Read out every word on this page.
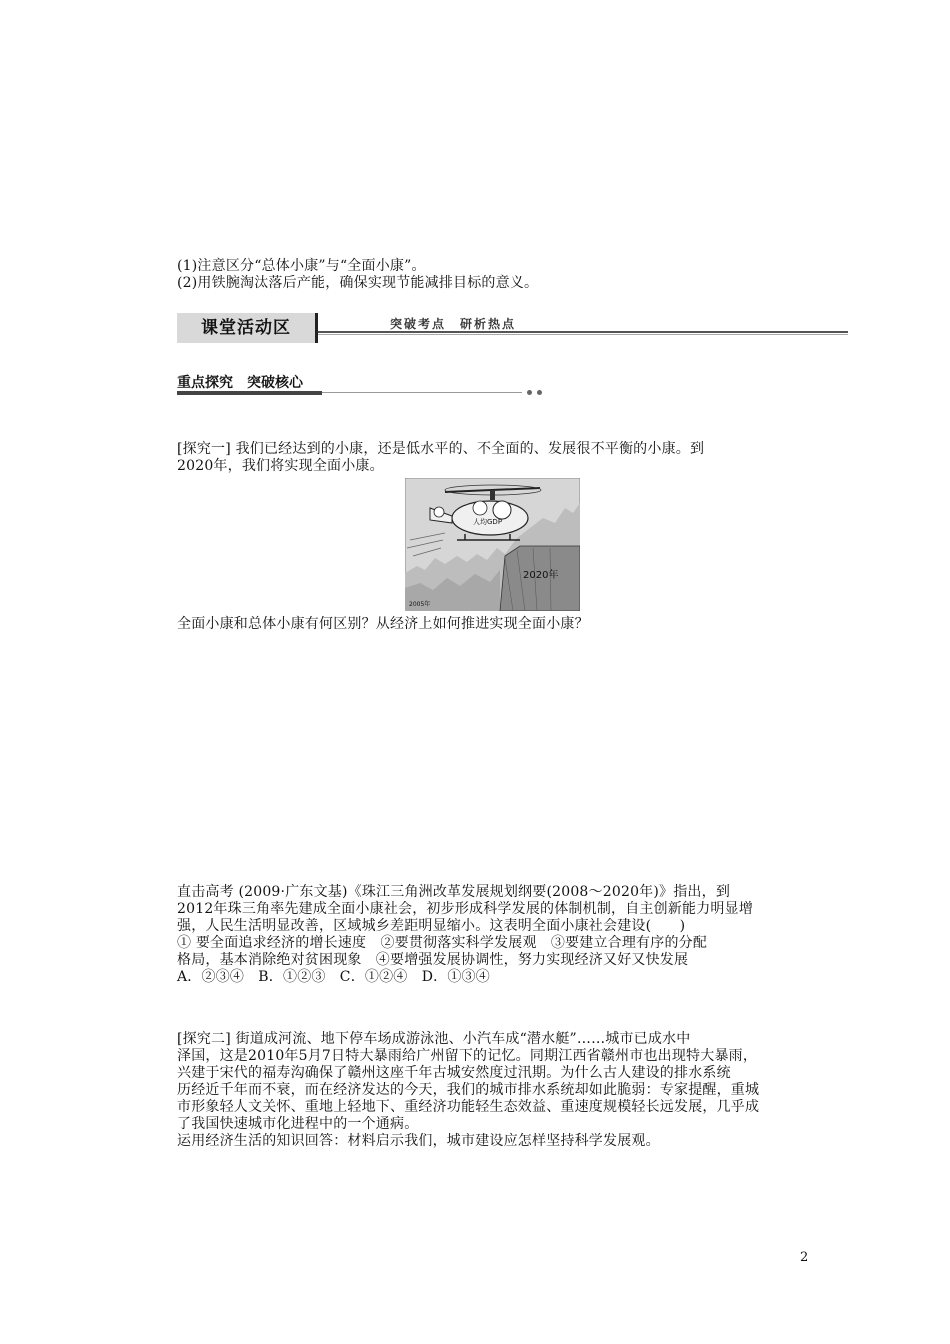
(1)注意区分“总体小康”与“全面小康”。
(2)用铁腕淘汰落后产能，确保实现节能减排目标的意义。
课堂活动区	突破考点　研析热点
重点探究　突破核心
[探究一] 我们已经达到的小康，还是低水平的、不全面的、发展很不平衡的小康。到
2020年，我们将实现全面小康。
人均GDP
2020年
2005年
全面小康和总体小康有何区别？从经济上如何推进实现全面小康？
直击高考 (2009·广东文基)《珠江三角洲改革发展规划纲要(2008～2020年)》指出，到
2012年珠三角率先建成全面小康社会，初步形成科学发展的体制机制，自主创新能力明显增
强，人民生活明显改善，区域城乡差距明显缩小。这表明全面小康社会建设(　　)
① 要全面追求经济的增长速度　②要贯彻落实科学发展观　③要建立合理有序的分配
格局，基本消除绝对贫困现象　④要增强发展协调性，努力实现经济又好又快发展
A．②③④　B．①②③　C．①②④　D．①③④
[探究二] 街道成河流、地下停车场成游泳池、小汽车成“潜水艇”……城市已成水中
泽国，这是2010年5月7日特大暴雨给广州留下的记忆。同期江西省赣州市也出现特大暴雨，
兴建于宋代的福寿沟确保了赣州这座千年古城安然度过汛期。为什么古人建设的排水系统
历经近千年而不衰，而在经济发达的今天，我们的城市排水系统却如此脆弱：专家提醒，重城
市形象轻人文关怀、重地上轻地下、重经济功能轻生态效益、重速度规模轻长远发展，几乎成
了我国快速城市化进程中的一个通病。
运用经济生活的知识回答：材料启示我们，城市建设应怎样坚持科学发展观。
2
